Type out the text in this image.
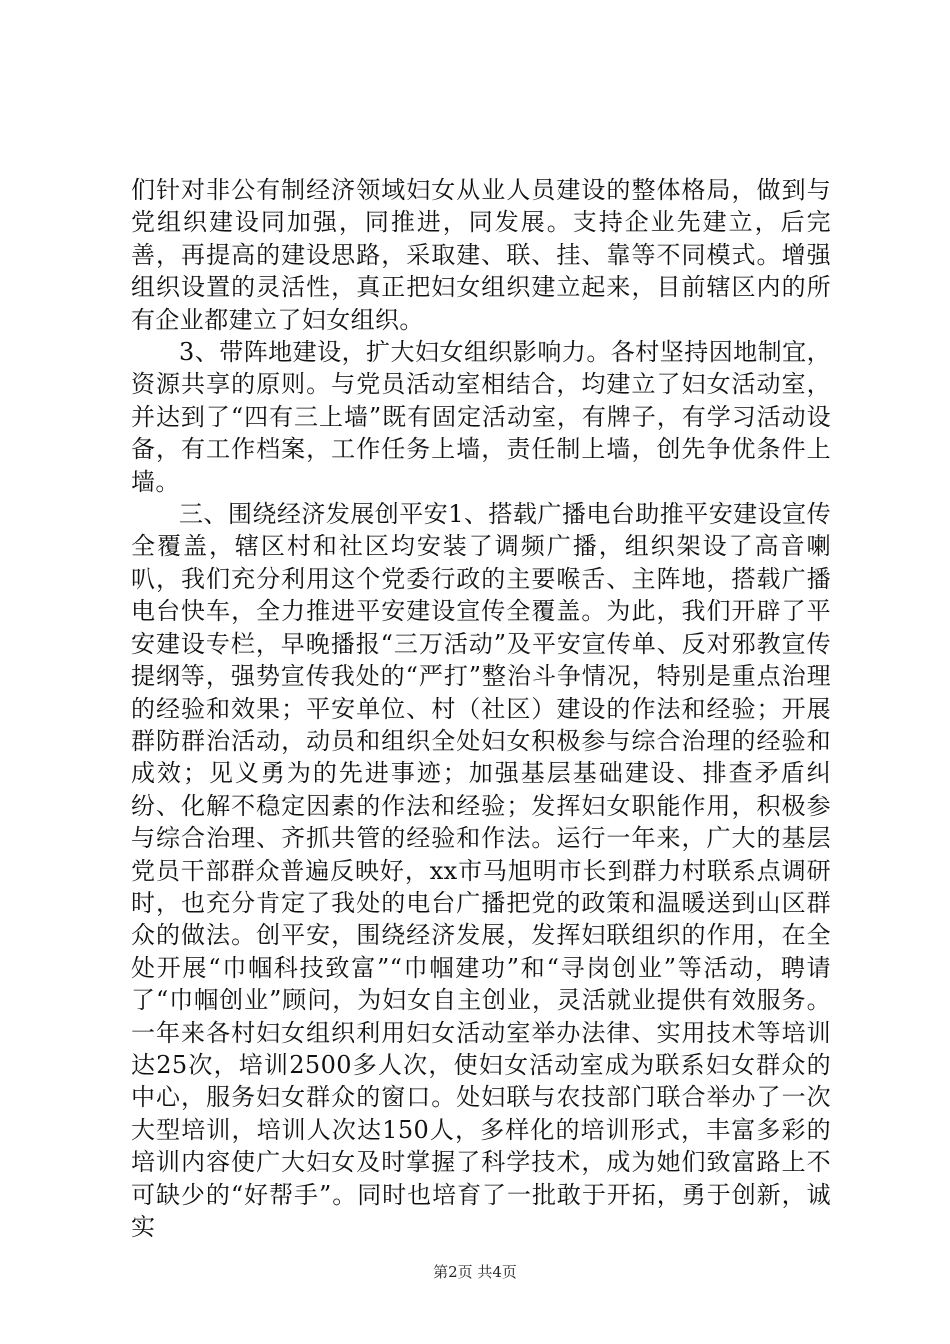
们针对非公有制经济领域妇女从业人员建设的整体格局，做到与党组织建设同加强，同推进，同发展。支持企业先建立，后完善，再提高的建设思路，采取建、联、挂、靠等不同模式。增强组织设置的灵活性，真正把妇女组织建立起来，目前辖区内的所有企业都建立了妇女组织。

3、带阵地建设，扩大妇女组织影响力。各村坚持因地制宜，资源共享的原则。与党员活动室相结合，均建立了妇女活动室，并达到了“四有三上墙”既有固定活动室，有牌子，有学习活动设备，有工作档案，工作任务上墙，责任制上墙，创先争优条件上墙。

三、围绕经济发展创平安1、搭载广播电台助推平安建设宣传全覆盖，辖区村和社区均安装了调频广播，组织架设了高音喇叭，我们充分利用这个党委行政的主要喉舌、主阵地，搭载广播电台快车，全力推进平安建设宣传全覆盖。为此，我们开辟了平安建设专栏，早晚播报“三万活动”及平安宣传单、反对邪教宣传提纲等，强势宣传我处的“严打”整治斗争情况，特别是重点治理的经验和效果；平安单位、村（社区）建设的作法和经验；开展群防群治活动，动员和组织全处妇女积极参与综合治理的经验和成效；见义勇为的先进事迹；加强基层基础建设、排查矛盾纠纷、化解不稳定因素的作法和经验；发挥妇女职能作用，积极参与综合治理、齐抓共管的经验和作法。运行一年来，广大的基层党员干部群众普遍反映好，xx市马旭明市长到群力村联系点调研时，也充分肯定了我处的电台广播把党的政策和温暖送到山区群众的做法。创平安，围绕经济发展，发挥妇联组织的作用，在全处开展“巾帼科技致富”“巾帼建功”和“寻岗创业”等活动，聘请了“巾帼创业”顾问，为妇女自主创业，灵活就业提供有效服务。一年来各村妇女组织利用妇女活动室举办法律、实用技术等培训达25次，培训2500多人次，使妇女活动室成为联系妇女群众的中心，服务妇女群众的窗口。处妇联与农技部门联合举办了一次大型培训，培训人次达150人，多样化的培训形式，丰富多彩的培训内容使广大妇女及时掌握了科学技术，成为她们致富路上不可缺少的“好帮手”。同时也培育了一批敢于开拓，勇于创新，诚实

第2页 共4页
